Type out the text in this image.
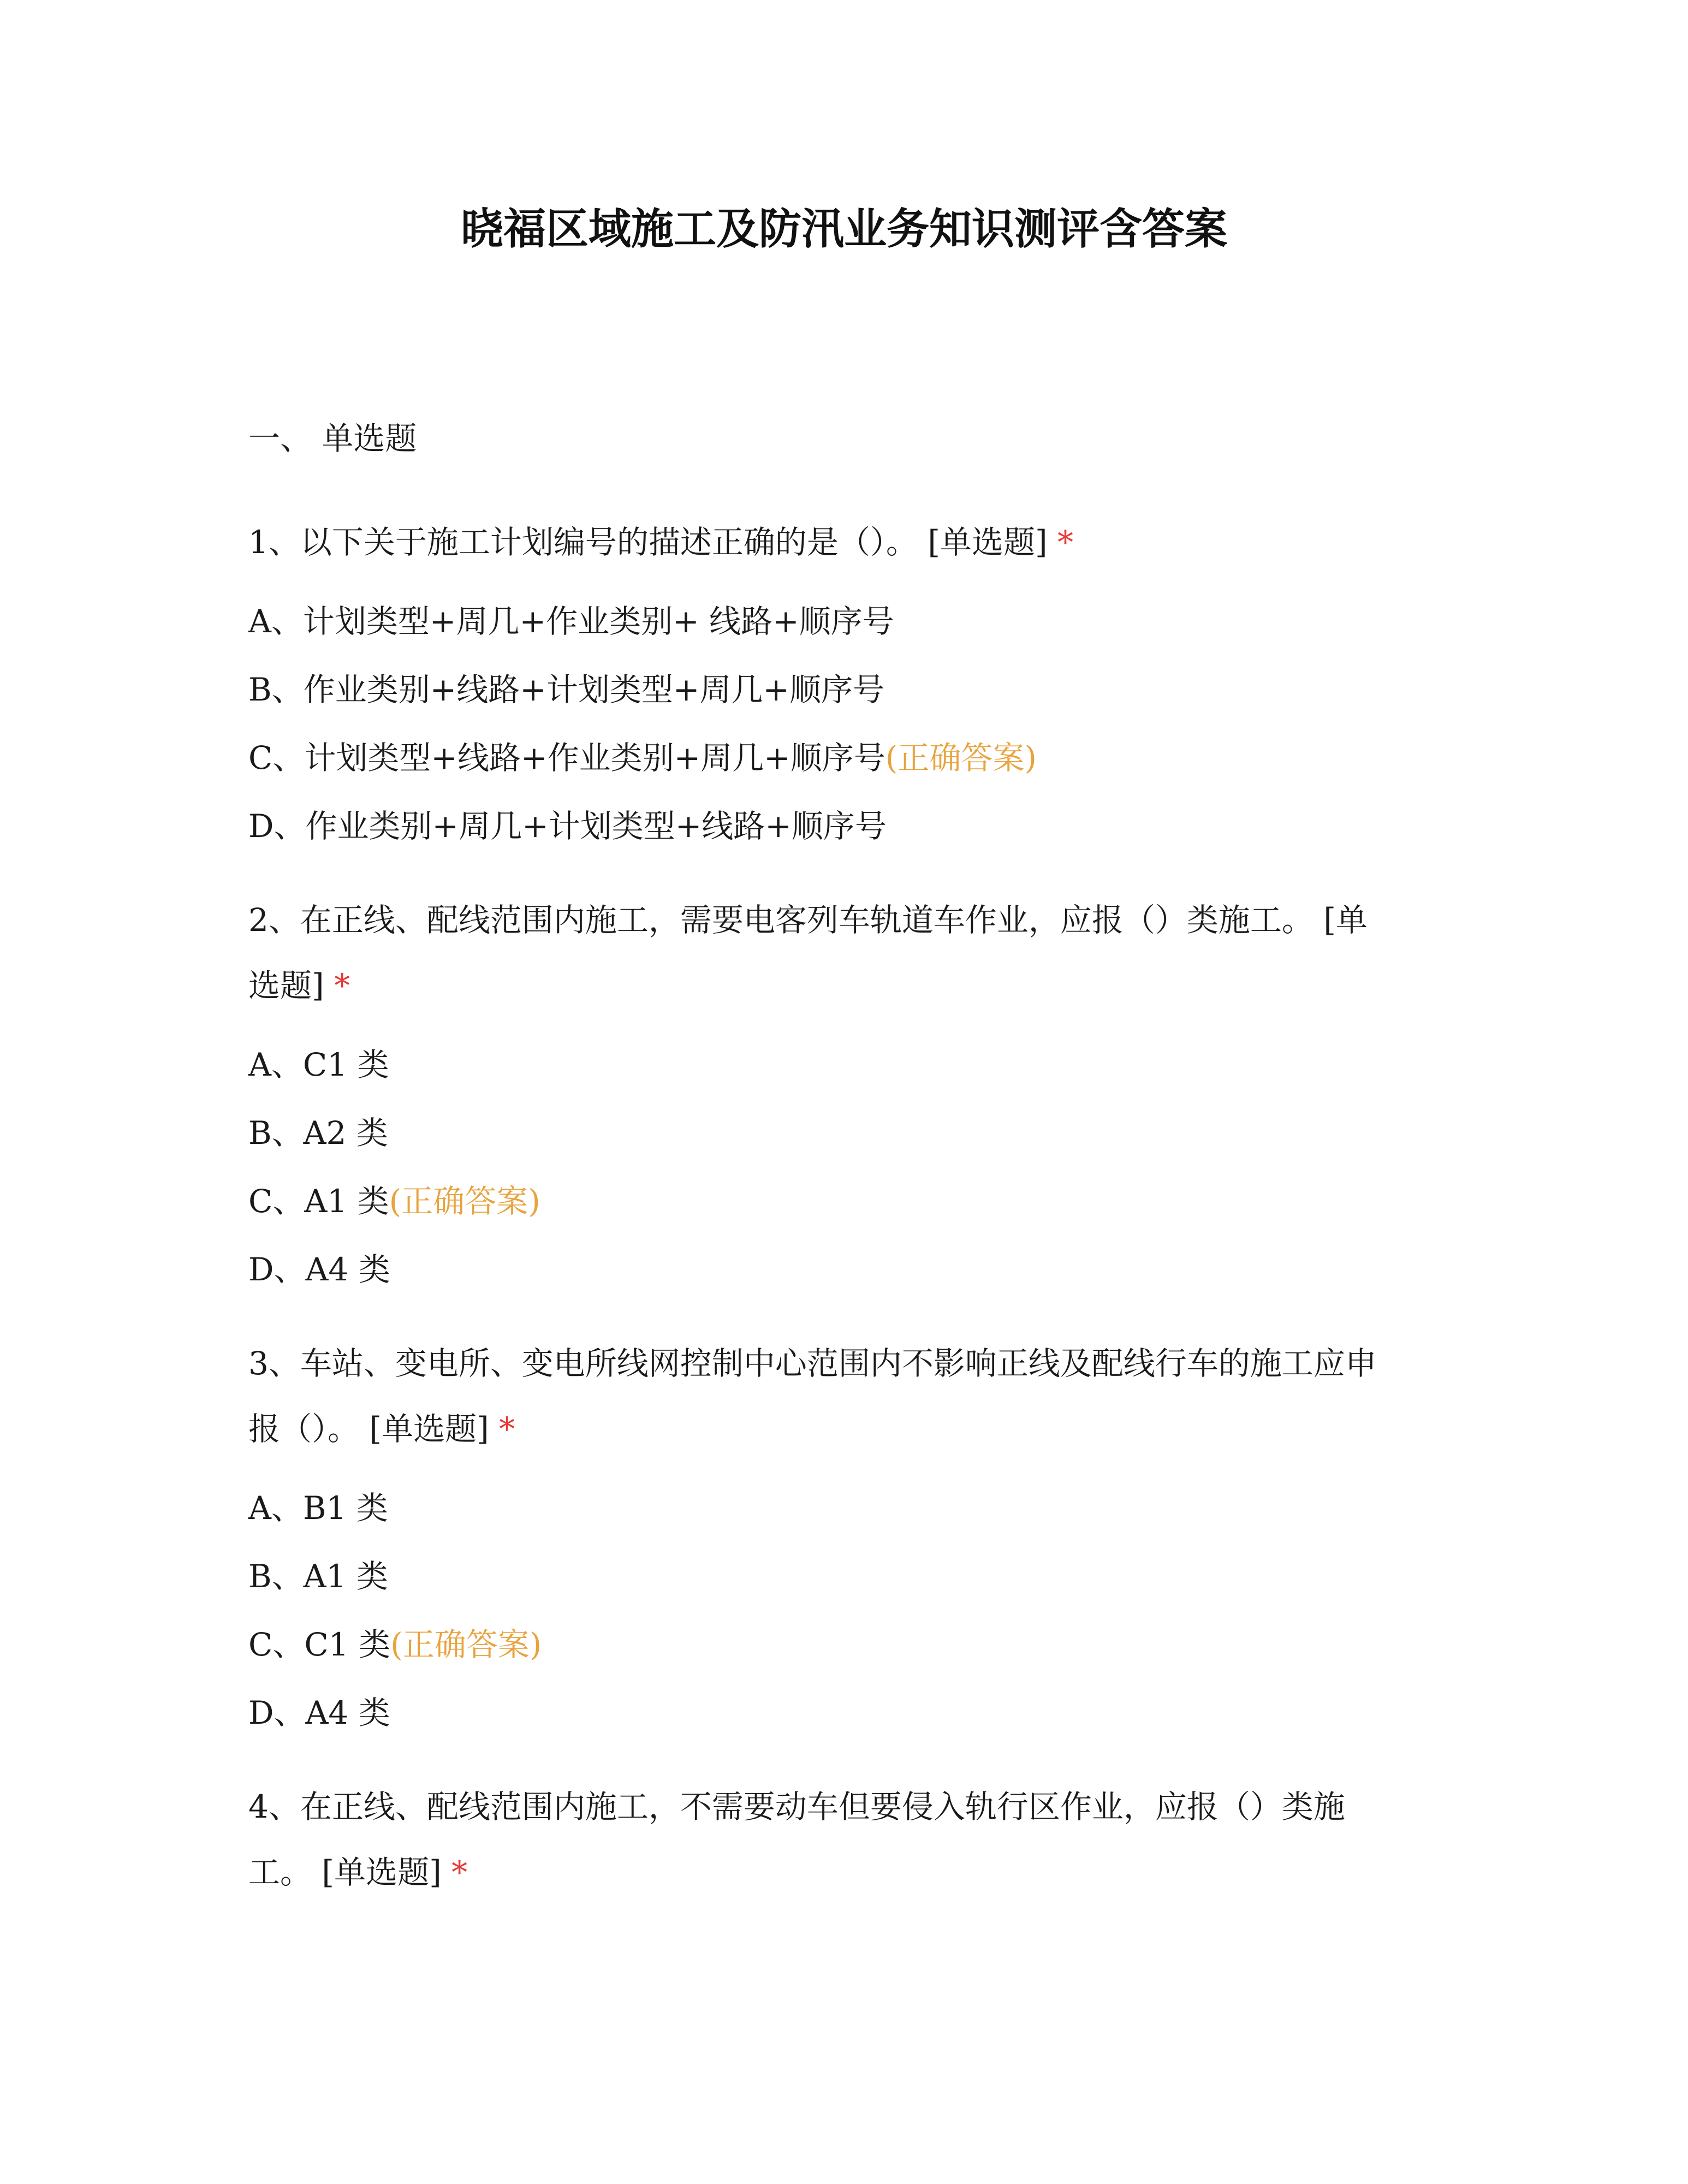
晓福区域施工及防汛业务知识测评含答案

一、 单选题

1、以下关于施工计划编号的描述正确的是（）。 [单选题] *

A、计划类型+周几+作业类别+ 线路+顺序号

B、作业类别+线路+计划类型+周几+顺序号

C、计划类型+线路+作业类别+周几+顺序号(正确答案)

D、作业类别+周几+计划类型+线路+顺序号

2、在正线、配线范围内施工，需要电客列车轨道车作业，应报（）类施工。 [单

选题] *

A、C1 类

B、A2 类

C、A1 类(正确答案)

D、A4 类

3、车站、变电所、变电所线网控制中心范围内不影响正线及配线行车的施工应申

报（）。 [单选题] *

A、B1 类

B、A1 类

C、C1 类(正确答案)

D、A4 类

4、在正线、配线范围内施工，不需要动车但要侵入轨行区作业，应报（）类施

工。 [单选题] *
